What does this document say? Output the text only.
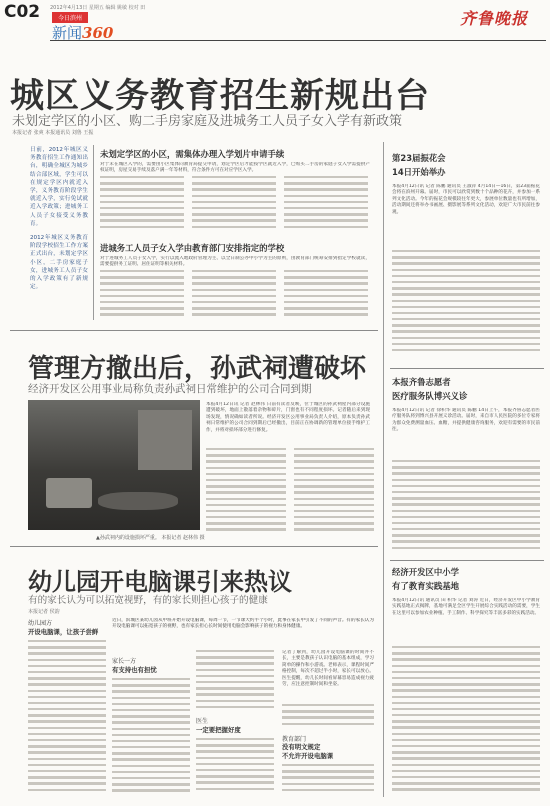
C02 2012年4月13日 星期五 编辑 姚敏 校对 田
今日滨州
新闻360
齐鲁晚报
城区义务教育招生新规出台
未划定学区的小区、购二手房家庭及进城务工人员子女入学有新政策
本报记者 张爽 本报通讯员 刘鲁 王振
日前，2012年城区义务教育招生工作通知出台，明确全城区为城乡结合部区域，学生可以在规定学区内就近入学，义务教育阶段学生就近入学，实行免试就近入学政策；进城务工人员子女接受义务教育。
2012年城区义务教育阶段学校招生工作方案正式出台，未划定学区小区，二手房家庭子女，进城务工人员子女的入学政策有了新规定。
未划定学区的小区，需集体办理入学划片申请手续
对于未在城区入学的，需要由小区集体向教育局提交申请，划定学区后才能按学区就近入学，已购买二手房的家庭子女入学需提供产权证明，房屋交易手续及落户满一年等材料，符合条件方可在对应学区入学。
进城务工人员子女入学由教育部门安排指定的学校
对于进城务工人员子女入学，实行以流入地政府管理为主、以全日制公办中小学为主的原则，由教育部门统筹安排到指定学校就读，需要提供务工证明、居住证明等相关材料。
管理方撤出后，孙武祠遭破坏
经济开发区公用事业局称负责孙武祠日常维护的公司合同到期
▲孙武祠内的设施损坏严重。 本报记者 赵林伟 摄
本报4月12日讯 记者 赵林伟 日前有读者反映，位于城区的孙武祠屋内部分设施遭到破坏，地面上散落着杂物和碎片，门窗也有不同程度损坏。记者随后来到现场发现，情况确如读者所说。经济开发区公用事业局负责人介绍，原本负责孙武祠日常维护的公司合同到期后已经撤出，目前正在协调新的管理单位接手维护工作，并将对损坏部分进行修复。
幼儿园开电脑课引来热议
有的家长认为可以拓宽视野，有的家长则担心孩子的健康
本报记者 侯韵
幼儿园方
开设电脑课，让孩子尝鲜
近日，滨城区某幼儿园从中班开始开设电脑课，每周一节，一节课大约半个小时，此事在家长中引发了不同的声音。有的家长认为开设电脑课可以拓宽孩子的视野，也有家长担心长时间使用电脑会影响孩子的视力和身体健康。
家长一方
有支持也有担忧
医生
一定要把握好度
记者了解到，幼儿园开设电脑课的时间并不长，主要是教孩子认识电脑的基本组成，学习简单的操作和小游戏。老师表示，课程时间严格控制，每次不超过半小时，家长可以放心。医生提醒，幼儿长时间看屏幕容易造成视力疲劳，应注意控制时间和坐姿。
教育部门
没有明文规定
不允许开设电脑课
第23届振花会
14日开始举办
本报4月12日讯 记者 陈鹏 通讯员 王淑萍 4月14日—16日，第23届振花会将在滨州开幕。届时，市民可以欣赏到数十个品种的花卉，并参加一系列文化活动。今年的振花会规模较往年更大，参展单位数量也有所增加，活动期间还将举办书画展、摄影展等系列文化活动，欢迎广大市民前往参观。
本报齐鲁志愿者
医疗服务队博兴义诊
本报4月12日讯 记者 徐积华 通讯员 陈鹏 14日上午，本报齐鲁志愿者医疗服务队将到博兴县开展义诊活动。届时，来自市人民医院的多位专家将为群众免费测量血压、血糖，并提供健康咨询服务，欢迎有需要的市民前往。
经济开发区中小学
有了教育实践基地
本报4月12日讯 通讯员 田 积华 记者 刘涛 近日，经济开发区中小学教育实践基地正式揭牌，基地可满足全区学生开展综合实践活动的需要，学生在这里可以参加农业种植、手工制作、科学探究等丰富多彩的实践活动。
